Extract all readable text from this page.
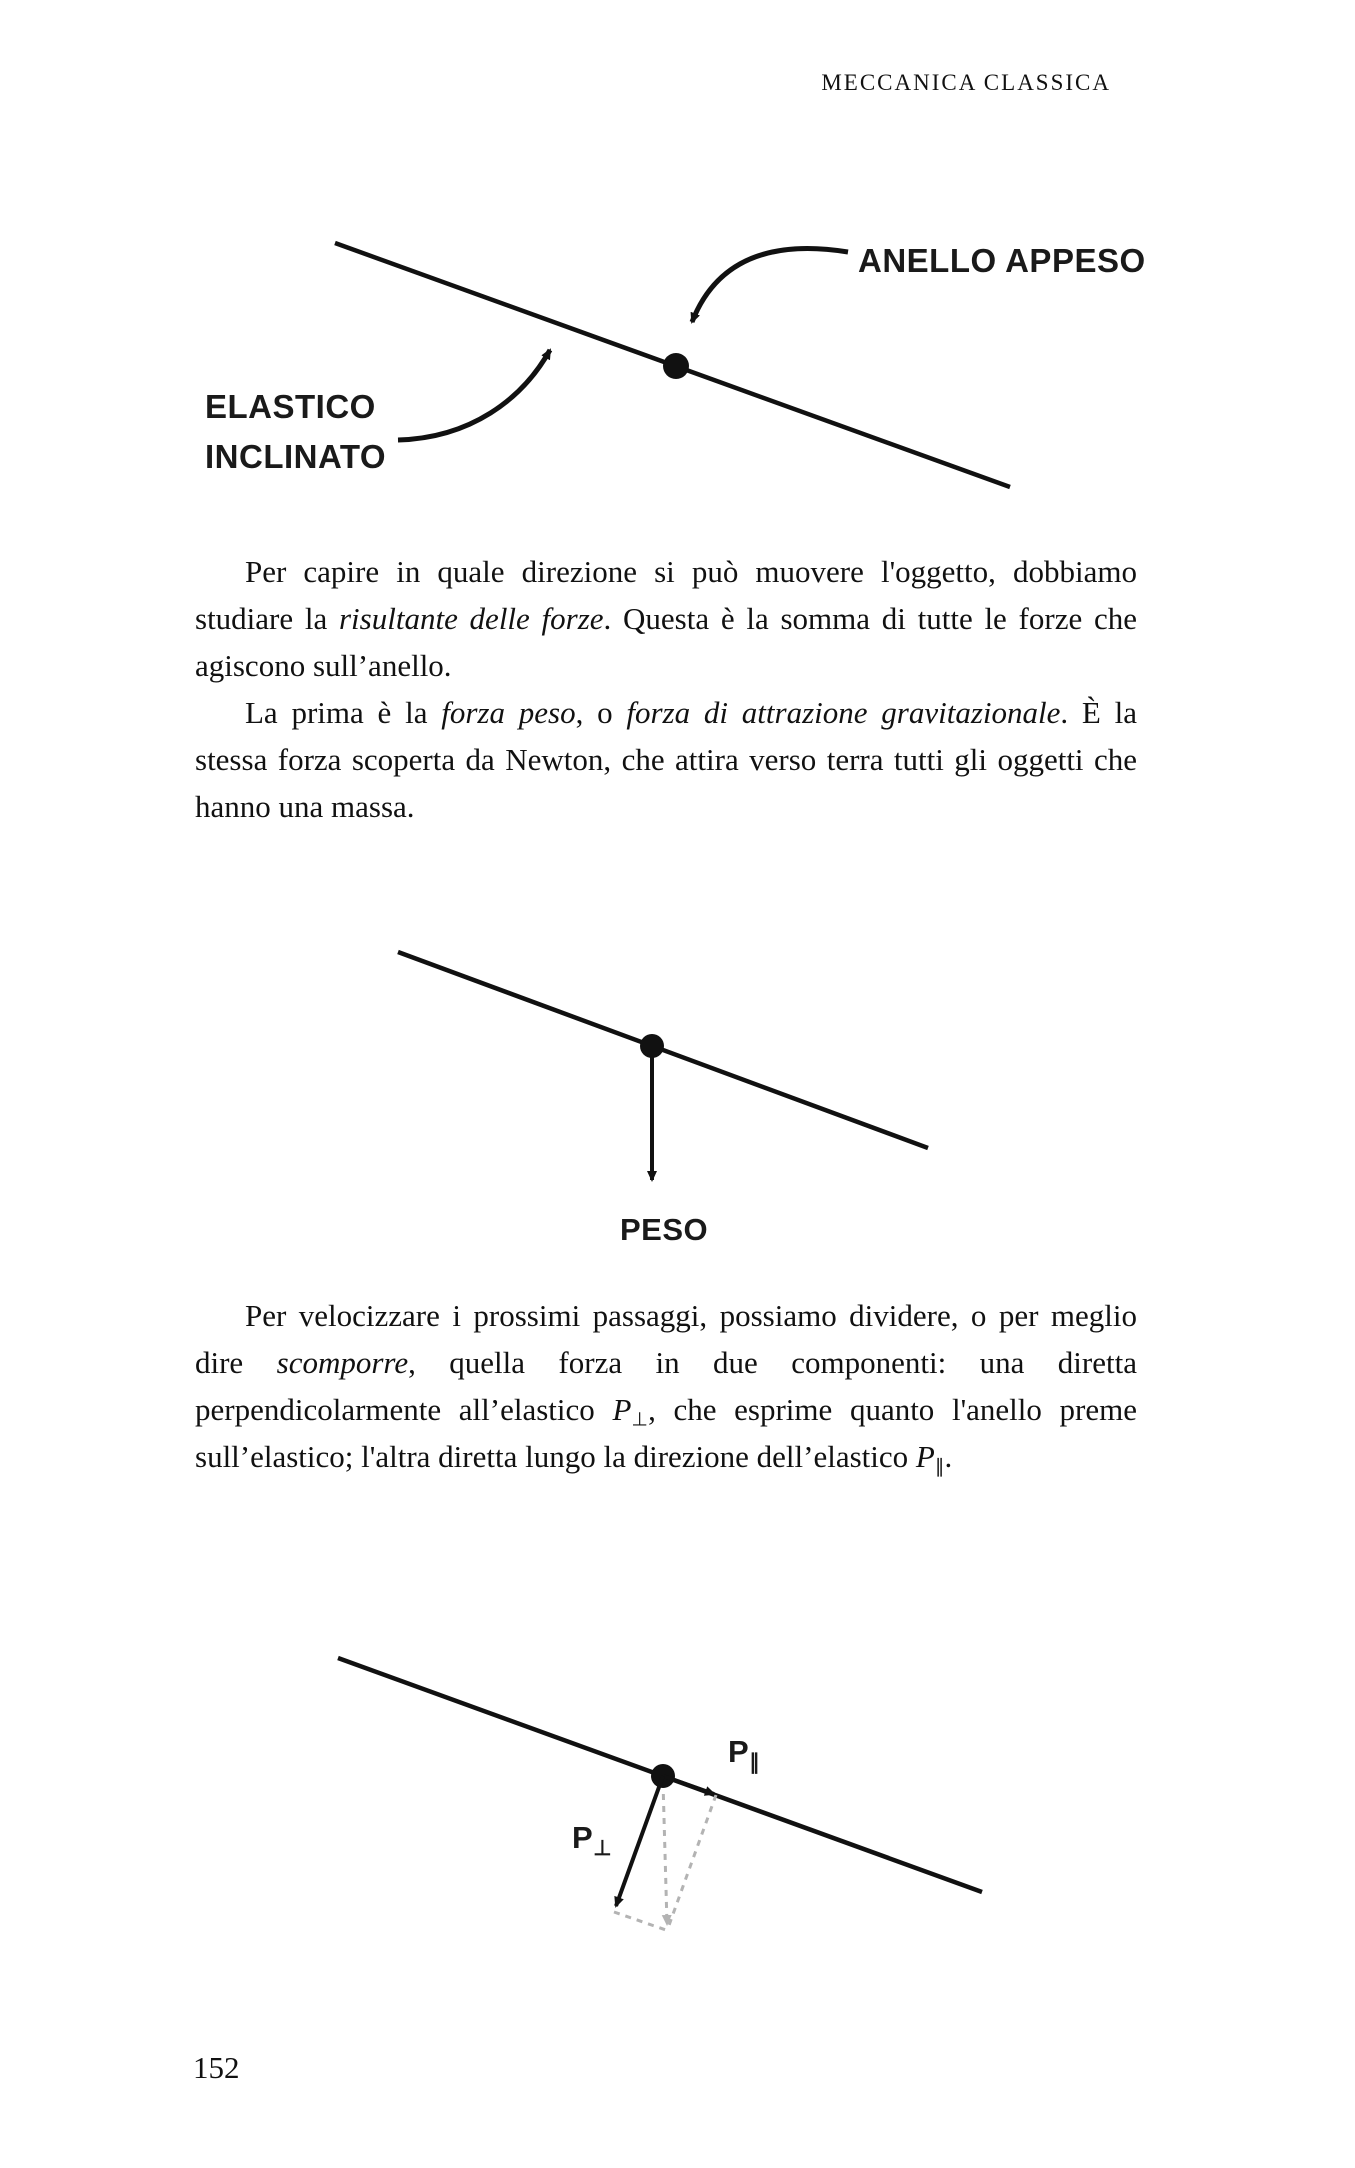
MECCANICA CLASSICA
ANELLO APPESO
ELASTICO
INCLINATO

Per capire in quale direzione si può muovere l'oggetto, dobbiamo studiare la risultante delle forze. Questa è la somma di tutte le forze che agiscono sull’anello.

La prima è la forza peso, o forza di attrazione gravitazionale. È la stessa forza scoperta da Newton, che attira verso terra tutti gli oggetti che hanno una massa.

PESO

Per velocizzare i prossimi passaggi, possiamo dividere, o per meglio dire scomporre, quella forza in due componenti: una diretta perpendicolarmente all’elastico $P_\perp$, che esprime quanto l'anello preme sull’elastico; l'altra diretta lungo la direzione dell’elastico $P_\parallel$.

$P_\parallel$
$P_\perp$
152
